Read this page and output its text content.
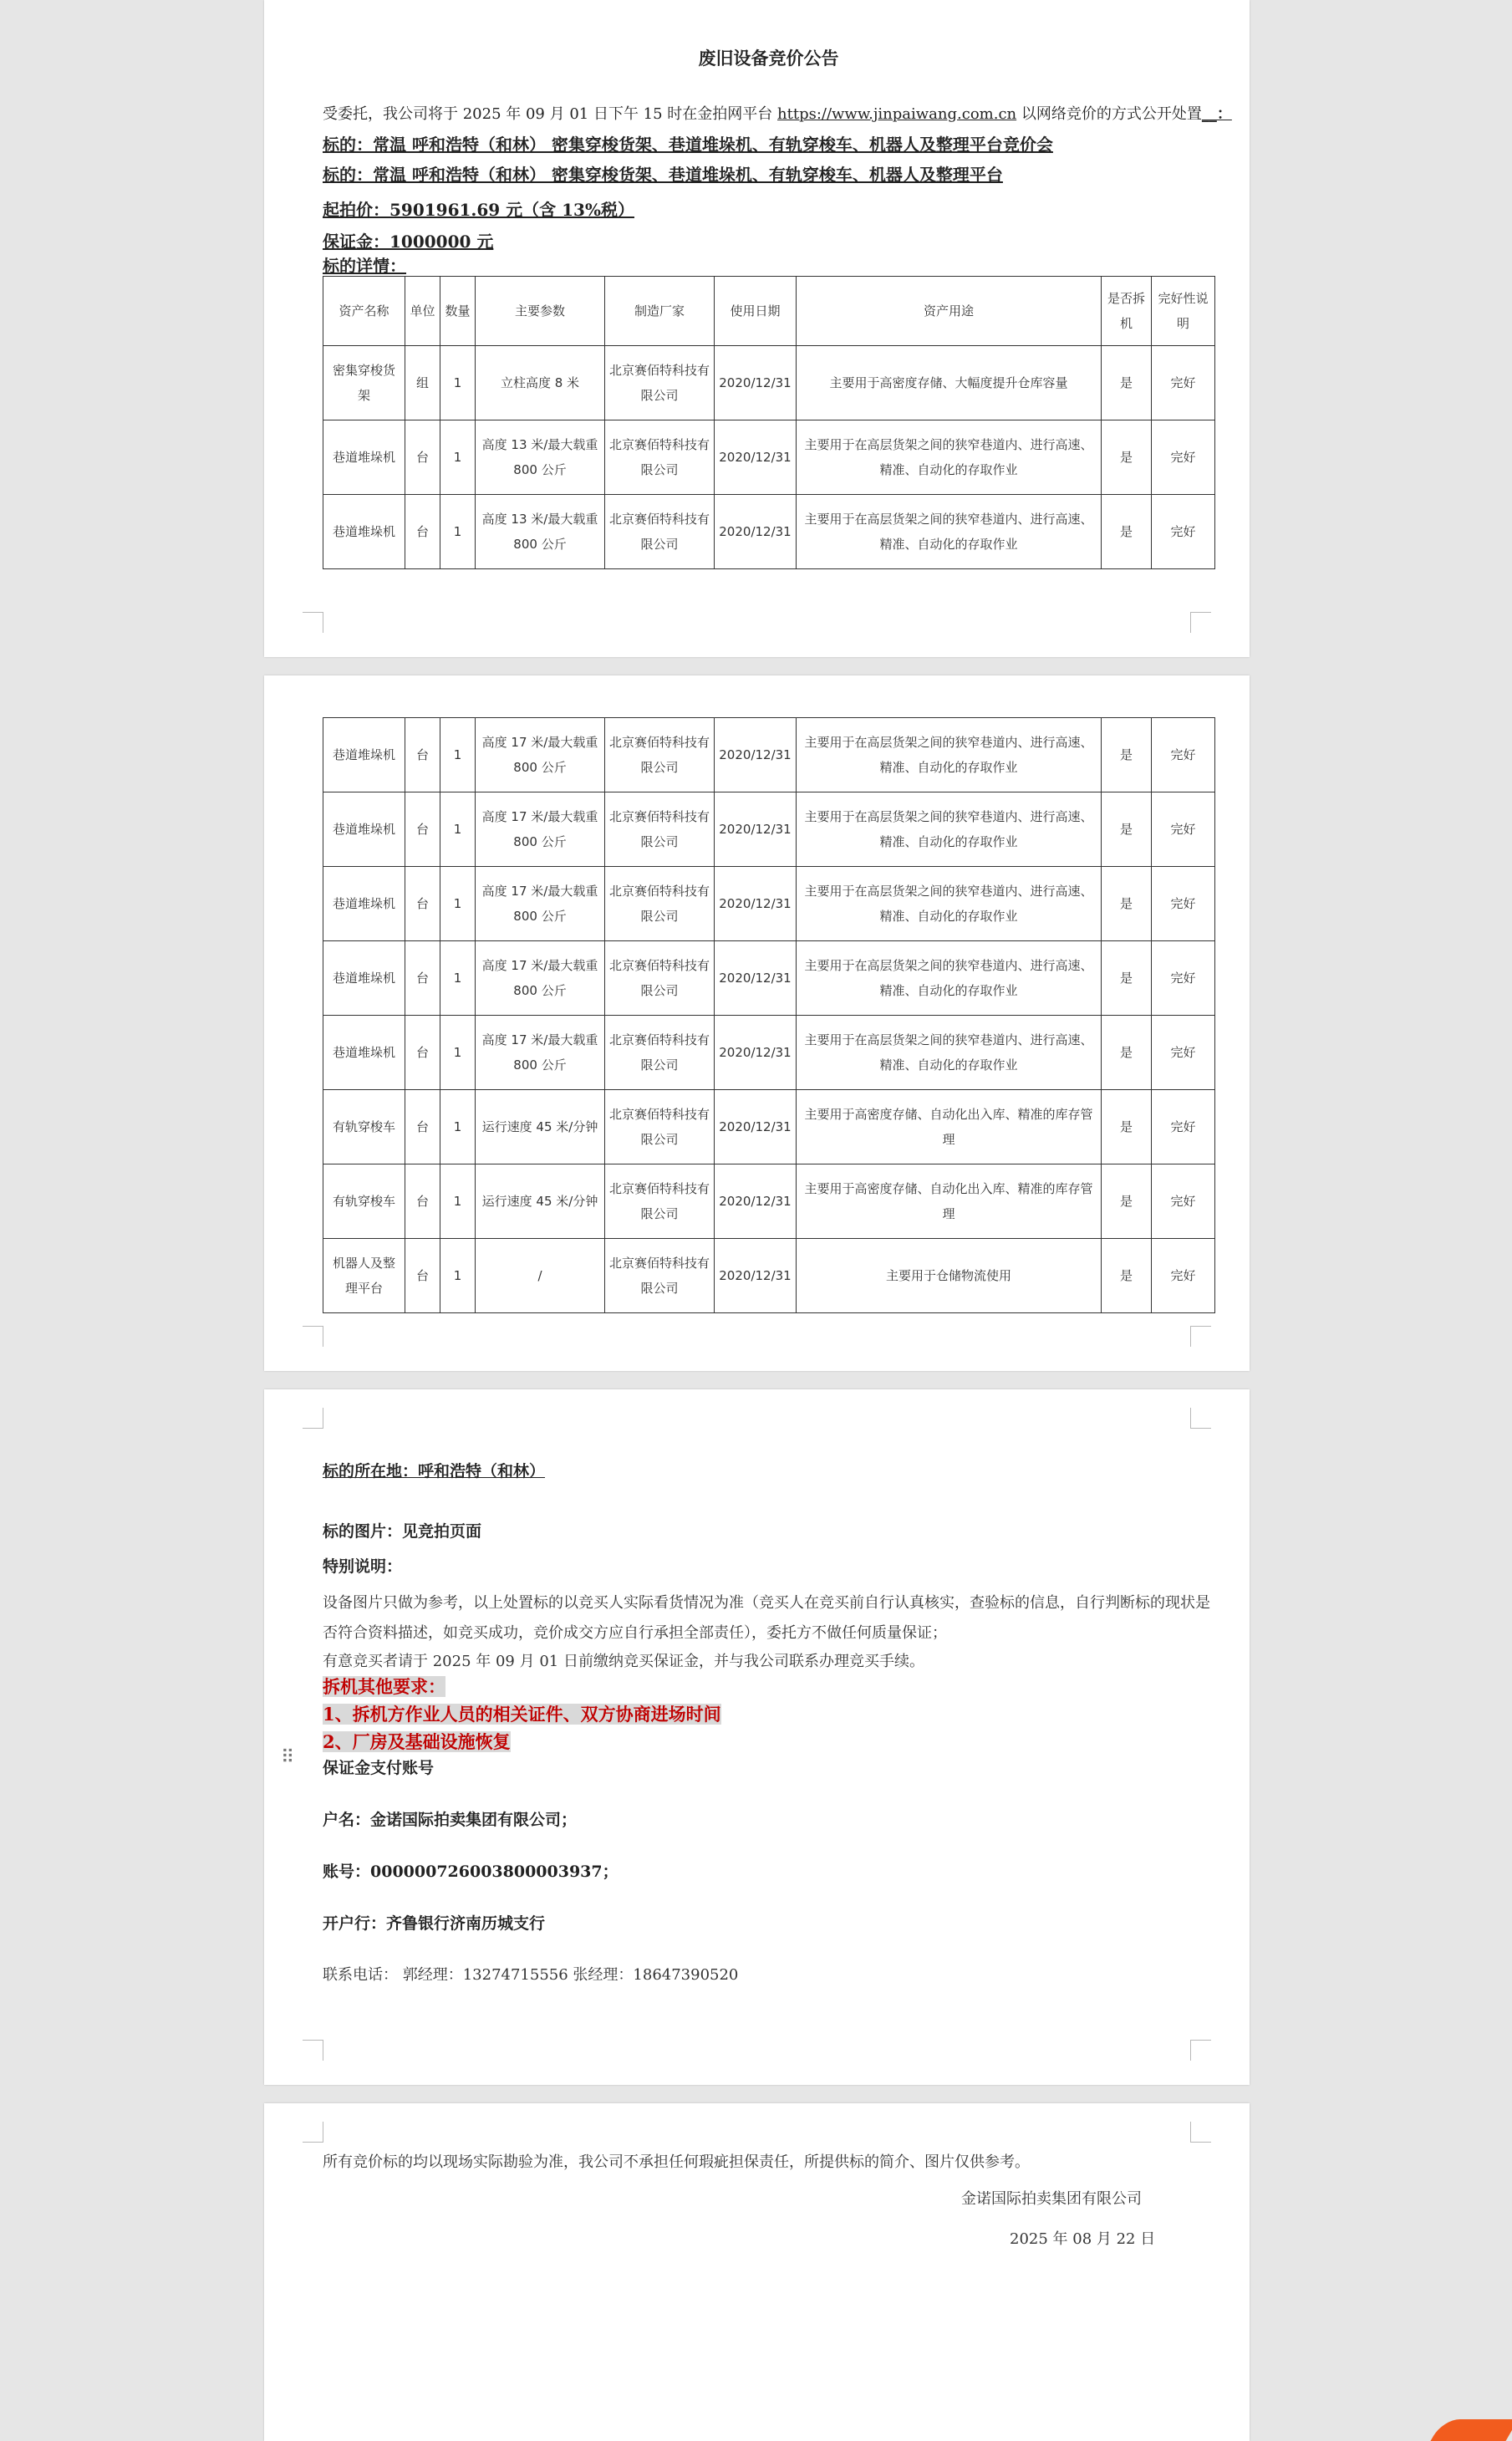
废旧设备竞价公告
受委托，我公司将于 2025 年 09 月 01 日下午 15 时在金拍网平台 https://www.jinpaiwang.com.cn 以网络竞价的方式公开处置__：
标的：常温 呼和浩特（和林） 密集穿梭货架、巷道堆垛机、有轨穿梭车、机器人及整理平台竞价会
标的：常温 呼和浩特（和林） 密集穿梭货架、巷道堆垛机、有轨穿梭车、机器人及整理平台
起拍价：5901961.69 元（含 13%税）
保证金：1000000 元
标的详情：
资产名称	单位	数量	主要参数	制造厂家	使用日期	资产用途	是否拆机	完好性说明
密集穿梭货架	组	1	立柱高度 8 米	北京赛佰特科技有限公司	2020/12/31	主要用于高密度存储、大幅度提升仓库容量	是	完好
巷道堆垛机	台	1	高度 13 米/最大载重 800 公斤	北京赛佰特科技有限公司	2020/12/31	主要用于在高层货架之间的狭窄巷道内、进行高速、精准、自动化的存取作业	是	完好
巷道堆垛机	台	1	高度 13 米/最大载重 800 公斤	北京赛佰特科技有限公司	2020/12/31	主要用于在高层货架之间的狭窄巷道内、进行高速、精准、自动化的存取作业	是	完好
巷道堆垛机	台	1	高度 17 米/最大载重 800 公斤	北京赛佰特科技有限公司	2020/12/31	主要用于在高层货架之间的狭窄巷道内、进行高速、精准、自动化的存取作业	是	完好
巷道堆垛机	台	1	高度 17 米/最大载重 800 公斤	北京赛佰特科技有限公司	2020/12/31	主要用于在高层货架之间的狭窄巷道内、进行高速、精准、自动化的存取作业	是	完好
巷道堆垛机	台	1	高度 17 米/最大载重 800 公斤	北京赛佰特科技有限公司	2020/12/31	主要用于在高层货架之间的狭窄巷道内、进行高速、精准、自动化的存取作业	是	完好
巷道堆垛机	台	1	高度 17 米/最大载重 800 公斤	北京赛佰特科技有限公司	2020/12/31	主要用于在高层货架之间的狭窄巷道内、进行高速、精准、自动化的存取作业	是	完好
巷道堆垛机	台	1	高度 17 米/最大载重 800 公斤	北京赛佰特科技有限公司	2020/12/31	主要用于在高层货架之间的狭窄巷道内、进行高速、精准、自动化的存取作业	是	完好
有轨穿梭车	台	1	运行速度 45 米/分钟	北京赛佰特科技有限公司	2020/12/31	主要用于高密度存储、自动化出入库、精准的库存管理	是	完好
有轨穿梭车	台	1	运行速度 45 米/分钟	北京赛佰特科技有限公司	2020/12/31	主要用于高密度存储、自动化出入库、精准的库存管理	是	完好
机器人及整理平台	台	1	/	北京赛佰特科技有限公司	2020/12/31	主要用于仓储物流使用	是	完好
⠿
标的所在地：呼和浩特（和林）
标的图片：见竞拍页面
特别说明：
设备图片只做为参考，以上处置标的以竞买人实际看货情况为准（竞买人在竞买前自行认真核实，查验标的信息，自行判断标的现状是否符合资料描述，如竞买成功，竞价成交方应自行承担全部责任），委托方不做任何质量保证；
有意竞买者请于 2025 年 09 月 01 日前缴纳竞买保证金，并与我公司联系办理竞买手续。
拆机其他要求：
1、拆机方作业人员的相关证件、双方协商进场时间
2、厂房及基础设施恢复
保证金支付账号
户名：金诺国际拍卖集团有限公司；
账号：000000726003800003937；
开户行：齐鲁银行济南历城支行
联系电话： 郭经理：13274715556 张经理：18647390520
所有竞价标的均以现场实际勘验为准，我公司不承担任何瑕疵担保责任，所提供标的简介、图片仅供参考。
金诺国际拍卖集团有限公司
2025 年 08 月 22 日
